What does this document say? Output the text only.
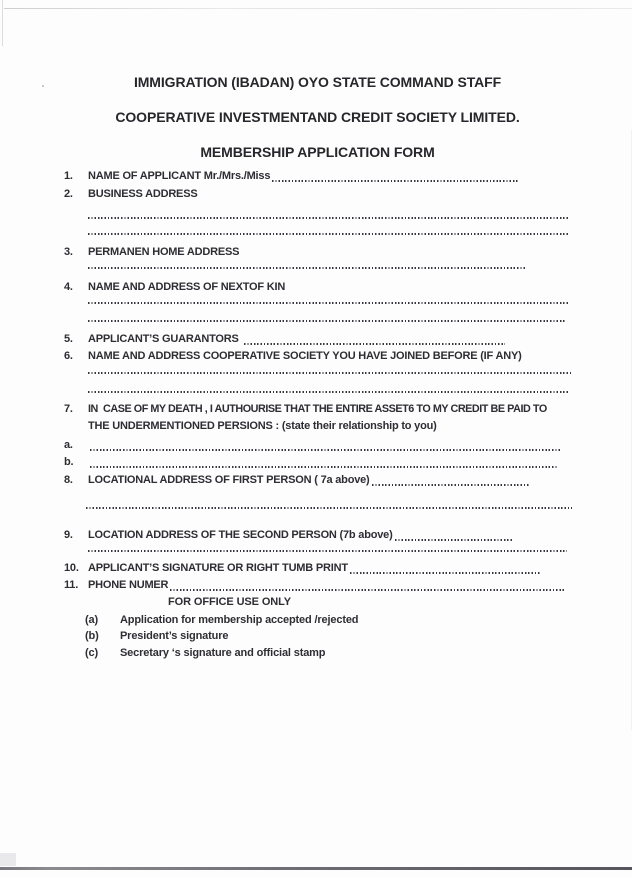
IMMIGRATION (IBADAN) OYO STATE COMMAND STAFF
COOPERATIVE INVESTMENTAND CREDIT SOCIETY LIMITED.
MEMBERSHIP APPLICATION FORM
1.	NAME OF APPLICANT Mr./Mrs./Miss
2.	BUSINESS ADDRESS
3.	PERMANEN HOME ADDRESS
4.	NAME AND ADDRESS OF NEXTOF KIN
5.	APPLICANT’S GUARANTORS
6.	NAME AND ADDRESS COOPERATIVE SOCIETY YOU HAVE JOINED BEFORE (IF ANY)
7.	IN  CASE OF MY DEATH , I AUTHOURISE THAT THE ENTIRE ASSET6 TO MY CREDIT BE PAID TO
THE UNDERMENTIONED PERSIONS : (state their relationship to you)
a.
b.
8.	LOCATIONAL ADDRESS OF FIRST PERSON ( 7a above)
9.	LOCATION ADDRESS OF THE SECOND PERSON (7b above)
10. APPLICANT’S SIGNATURE OR RIGHT TUMB PRINT
11. PHONE NUMER
FOR OFFICE USE ONLY
(a)	Application for membership accepted /rejected
(b)	President’s signature
(c)	Secretary ‘s signature and official stamp
